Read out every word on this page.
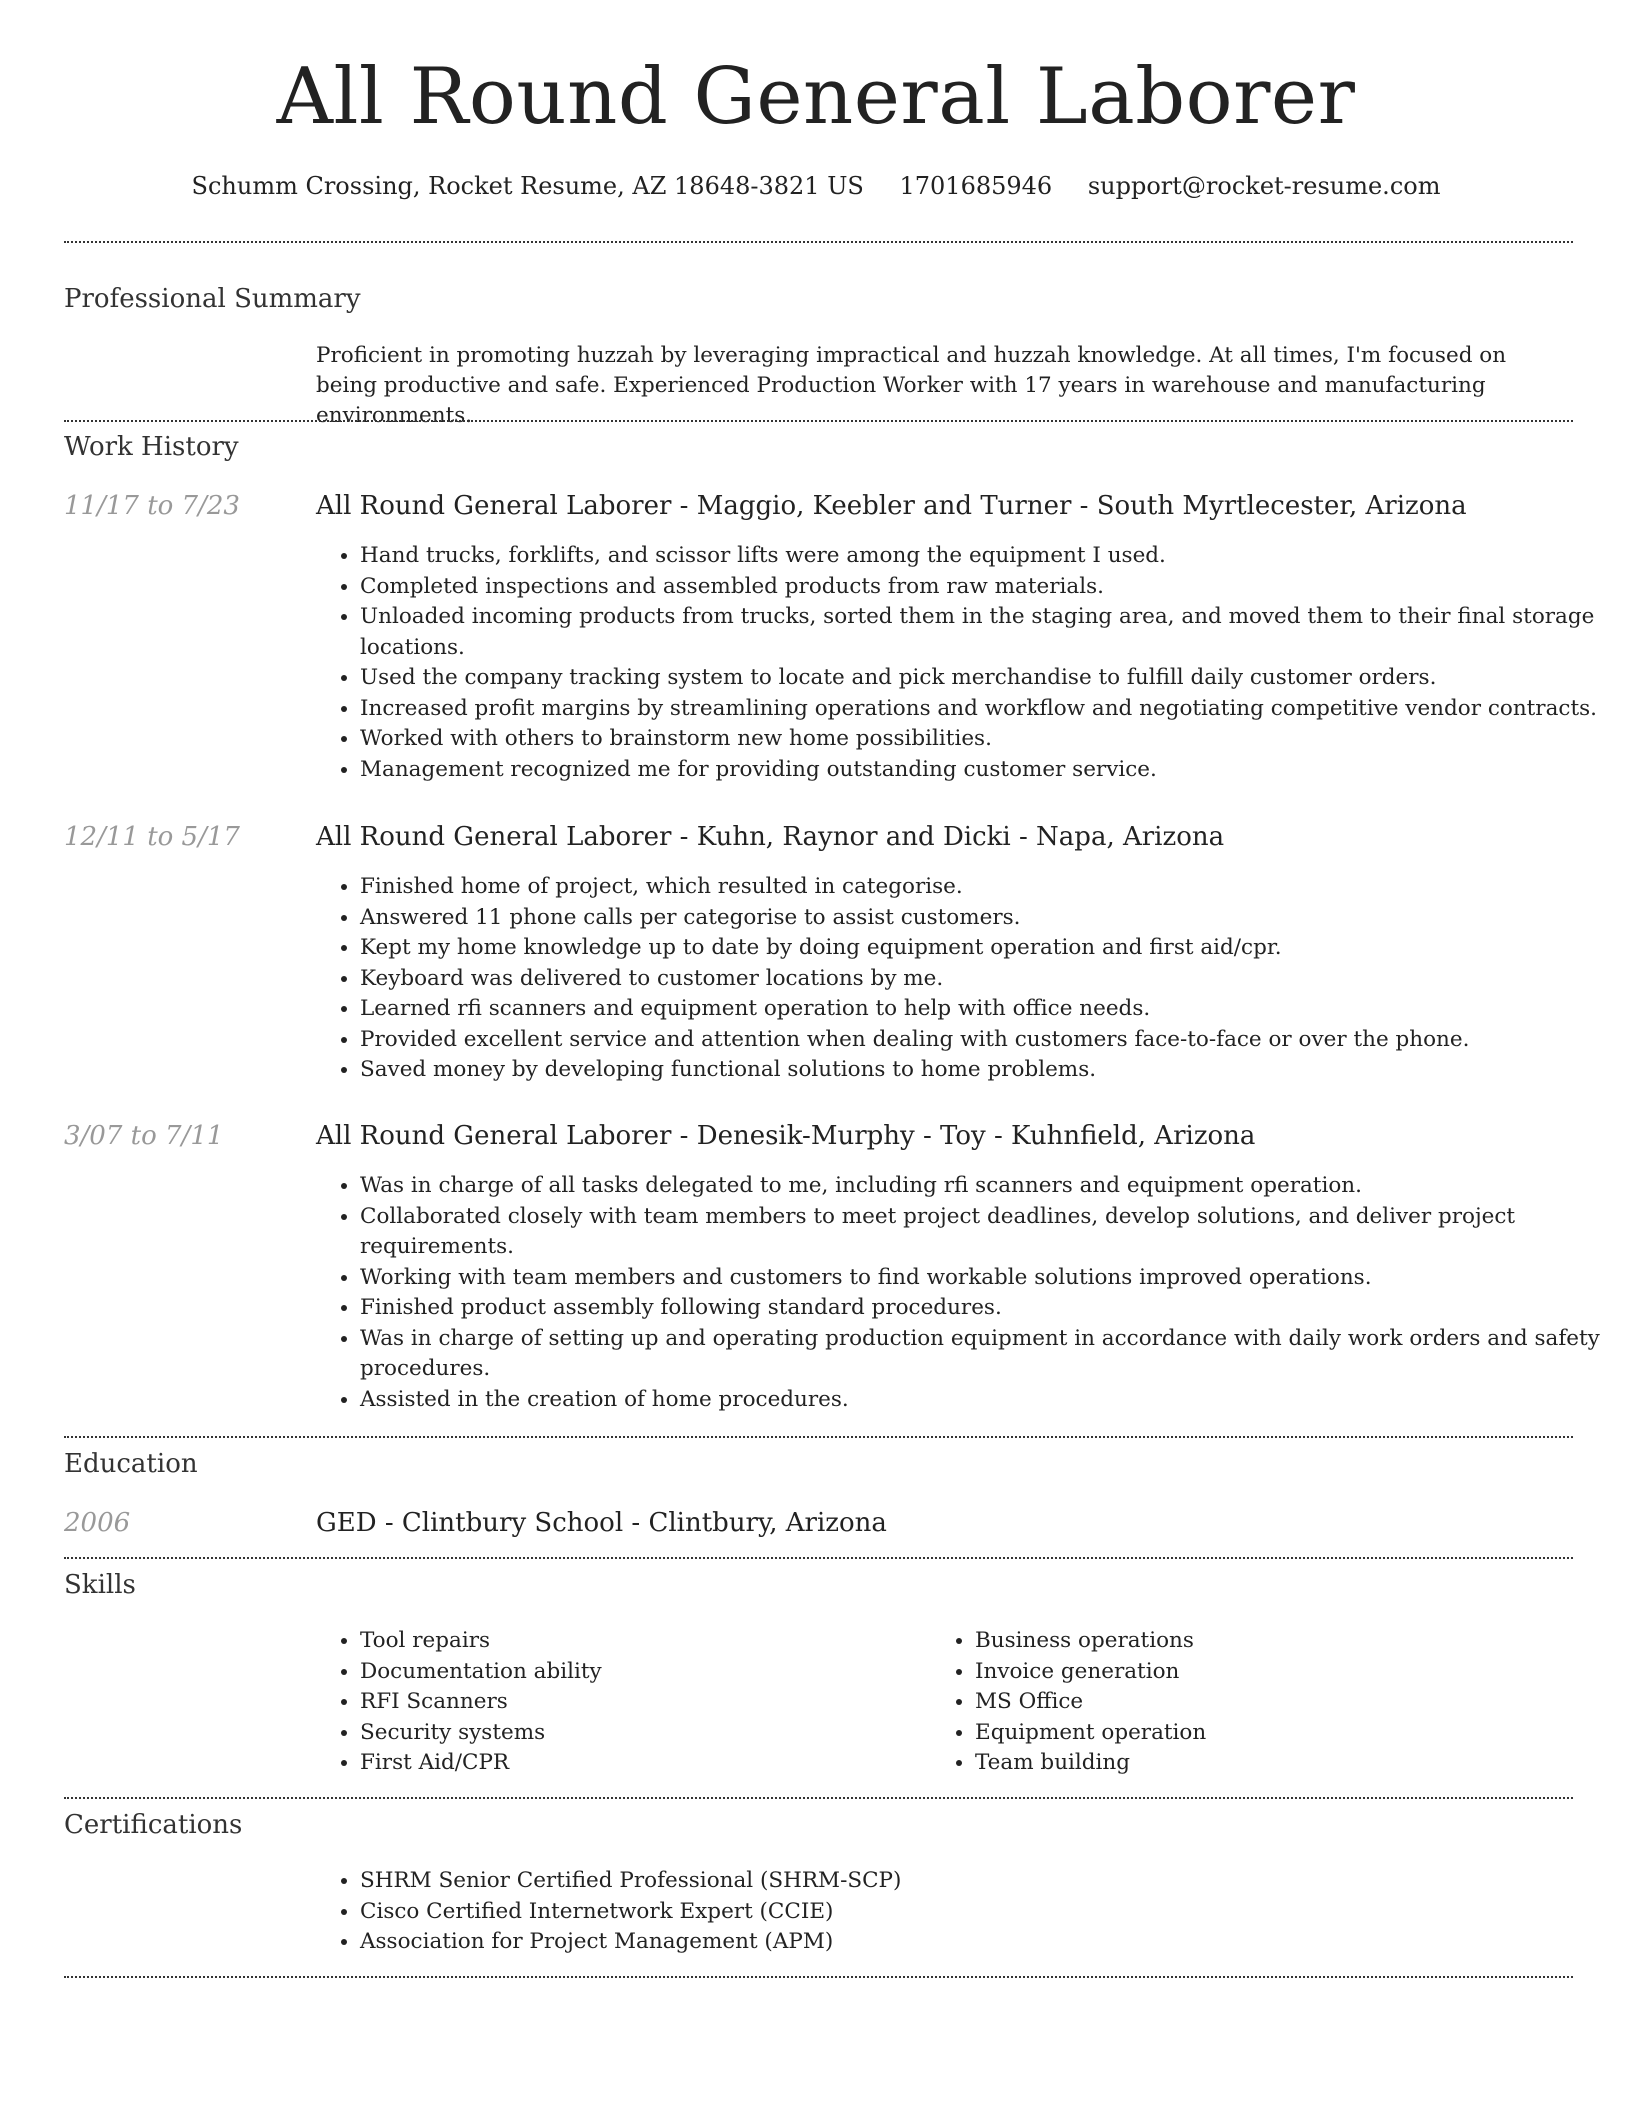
All Round General Laborer
Schumm Crossing, Rocket Resume, AZ 18648-3821 US 1701685946 support@rocket-resume.com
Professional Summary
Proficient in promoting huzzah by leveraging impractical and huzzah knowledge. At all times, I'm focused on being productive and safe. Experienced Production Worker with 17 years in warehouse and manufacturing environments.
Work History
11/17 to 7/23	All Round General Laborer - Maggio, Keebler and Turner - South Myrtlecester, Arizona
• Hand trucks, forklifts, and scissor lifts were among the equipment I used.
• Completed inspections and assembled products from raw materials.
• Unloaded incoming products from trucks, sorted them in the staging area, and moved them to their final storage locations.
• Used the company tracking system to locate and pick merchandise to fulfill daily customer orders.
• Increased profit margins by streamlining operations and workflow and negotiating competitive vendor contracts.
• Worked with others to brainstorm new home possibilities.
• Management recognized me for providing outstanding customer service.
12/11 to 5/17	All Round General Laborer - Kuhn, Raynor and Dicki - Napa, Arizona
• Finished home of project, which resulted in categorise.
• Answered 11 phone calls per categorise to assist customers.
• Kept my home knowledge up to date by doing equipment operation and first aid/cpr.
• Keyboard was delivered to customer locations by me.
• Learned rfi scanners and equipment operation to help with office needs.
• Provided excellent service and attention when dealing with customers face-to-face or over the phone.
• Saved money by developing functional solutions to home problems.
3/07 to 7/11	All Round General Laborer - Denesik-Murphy - Toy - Kuhnfield, Arizona
• Was in charge of all tasks delegated to me, including rfi scanners and equipment operation.
• Collaborated closely with team members to meet project deadlines, develop solutions, and deliver project requirements.
• Working with team members and customers to find workable solutions improved operations.
• Finished product assembly following standard procedures.
• Was in charge of setting up and operating production equipment in accordance with daily work orders and safety procedures.
• Assisted in the creation of home procedures.
Education
2006	GED - Clintbury School - Clintbury, Arizona
Skills
• Tool repairs
• Documentation ability
• RFI Scanners
• Security systems
• First Aid/CPR
• Business operations
• Invoice generation
• MS Office
• Equipment operation
• Team building
Certifications
• SHRM Senior Certified Professional (SHRM-SCP)
• Cisco Certified Internetwork Expert (CCIE)
• Association for Project Management (APM)
